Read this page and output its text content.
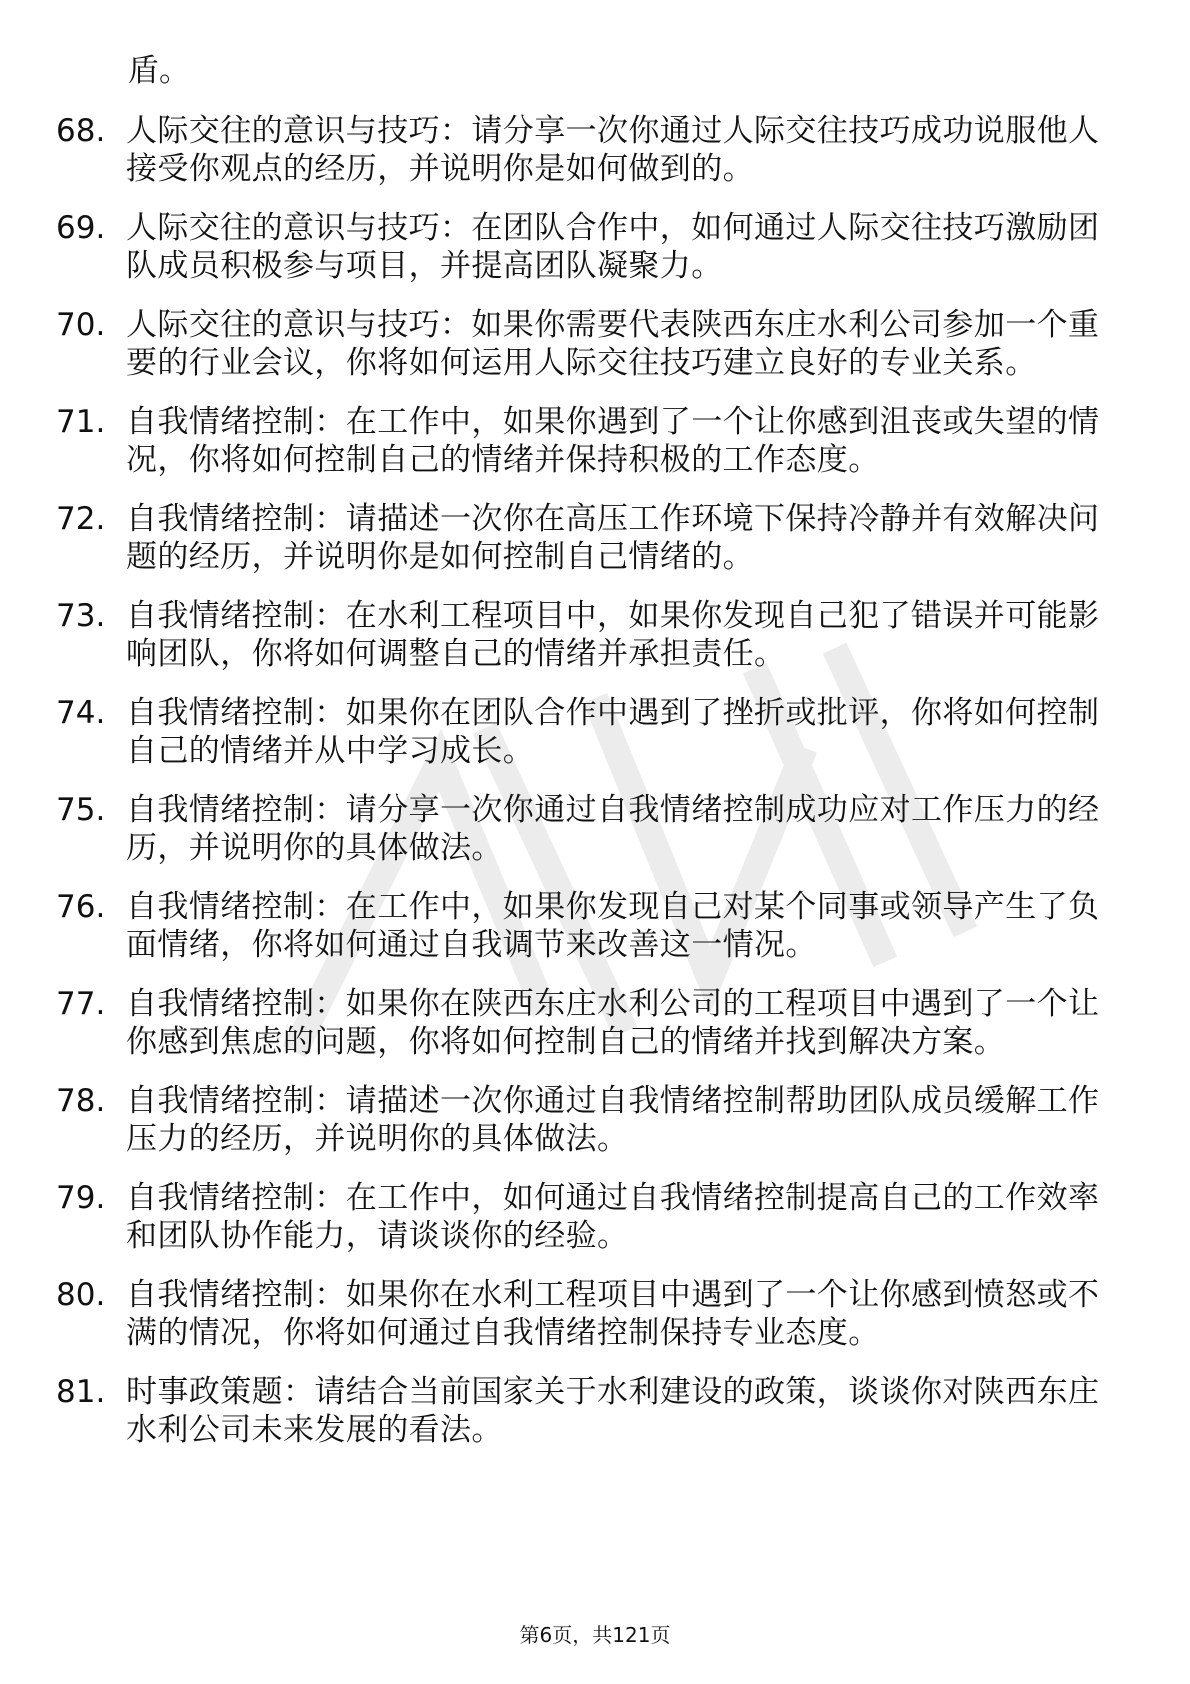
盾。
68. 人际交往的意识与技巧：请分享一次你通过人际交往技巧成功说服他人接受你观点的经历，并说明你是如何做到的。
69. 人际交往的意识与技巧：在团队合作中，如何通过人际交往技巧激励团队成员积极参与项目，并提高团队凝聚力。
70. 人际交往的意识与技巧：如果你需要代表陕西东庄水利公司参加一个重要的行业会议，你将如何运用人际交往技巧建立良好的专业关系。
71. 自我情绪控制：在工作中，如果你遇到了一个让你感到沮丧或失望的情况，你将如何控制自己的情绪并保持积极的工作态度。
72. 自我情绪控制：请描述一次你在高压工作环境下保持冷静并有效解决问题的经历，并说明你是如何控制自己情绪的。
73. 自我情绪控制：在水利工程项目中，如果你发现自己犯了错误并可能影响团队，你将如何调整自己的情绪并承担责任。
74. 自我情绪控制：如果你在团队合作中遇到了挫折或批评，你将如何控制自己的情绪并从中学习成长。
75. 自我情绪控制：请分享一次你通过自我情绪控制成功应对工作压力的经历，并说明你的具体做法。
76. 自我情绪控制：在工作中，如果你发现自己对某个同事或领导产生了负面情绪，你将如何通过自我调节来改善这一情况。
77. 自我情绪控制：如果你在陕西东庄水利公司的工程项目中遇到了一个让你感到焦虑的问题，你将如何控制自己的情绪并找到解决方案。
78. 自我情绪控制：请描述一次你通过自我情绪控制帮助团队成员缓解工作压力的经历，并说明你的具体做法。
79. 自我情绪控制：在工作中，如何通过自我情绪控制提高自己的工作效率和团队协作能力，请谈谈你的经验。
80. 自我情绪控制：如果你在水利工程项目中遇到了一个让你感到愤怒或不满的情况，你将如何通过自我情绪控制保持专业态度。
81. 时事政策题：请结合当前国家关于水利建设的政策，谈谈你对陕西东庄水利公司未来发展的看法。
第6页，共121页
